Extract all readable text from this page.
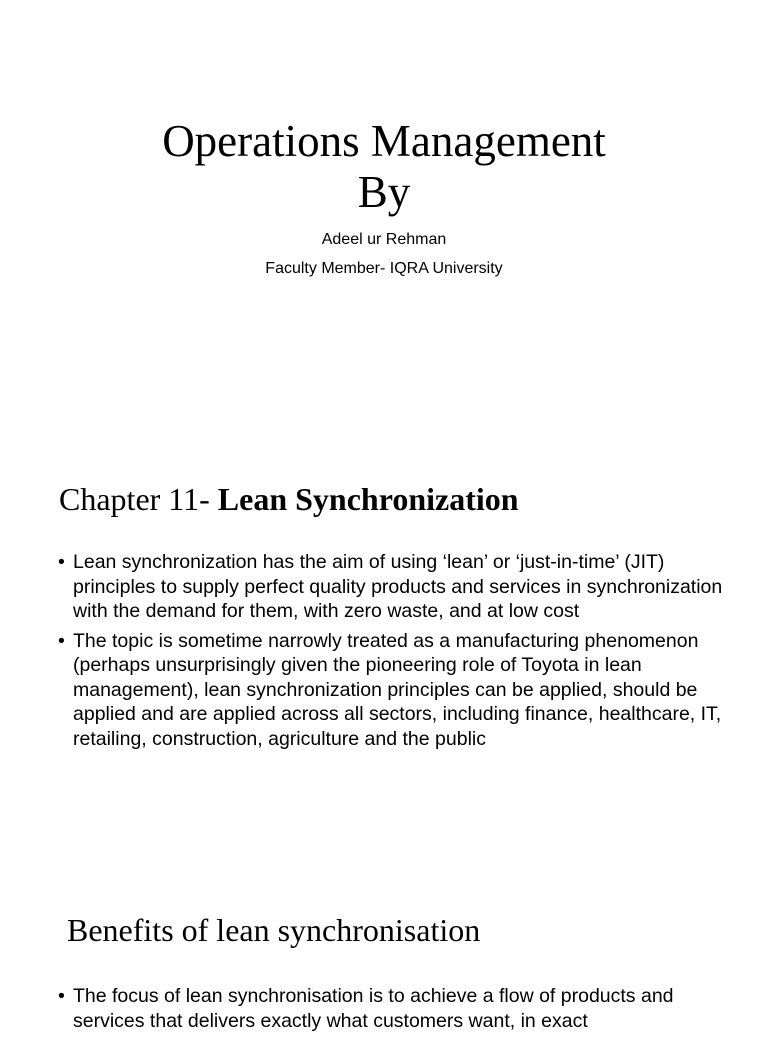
Operations Management
By

Adeel ur Rehman

Faculty Member- IQRA University

Chapter 11- Lean Synchronization
• Lean synchronization has the aim of using ‘lean’ or ‘just-in-time’ (JIT) principles to supply perfect quality products and services in synchronization with the demand for them, with zero waste, and at low cost
• The topic is sometime narrowly treated as a manufacturing phenomenon (perhaps unsurprisingly given the pioneering role of Toyota in lean management), lean synchronization principles can be applied, should be applied and are applied across all sectors, including finance, healthcare, IT, retailing, construction, agriculture and the public
Benefits of lean synchronisation
• The focus of lean synchronisation is to achieve a flow of products and services that delivers exactly what customers want, in exact
